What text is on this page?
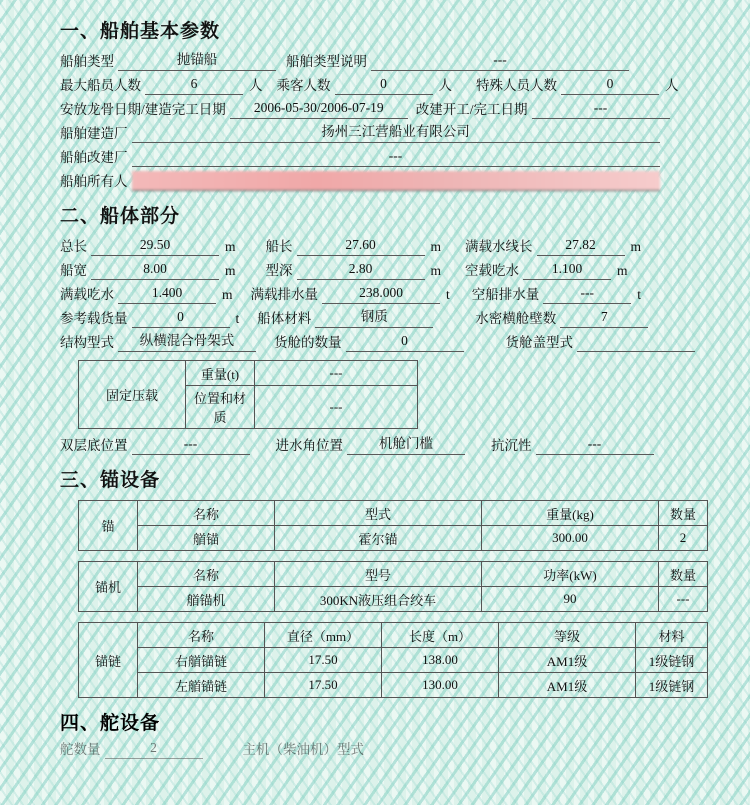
一、船舶基本参数
船舶类型	抛锚船	船舶类型说明	---
最大船员人数	6	人	乘客人数	0	人	特殊人员人数	0	人
安放龙骨日期/建造完工日期	2006-05-30/2006-07-19	改建开工/完工日期	---
船舶建造厂	扬州三江营船业有限公司
船舶改建厂	---
船舶所有人
二、船体部分
总长	29.50	m	船长	27.60	m	满载水线长	27.82	m
船宽	8.00	m	型深	2.80	m	空载吃水	1.100	m
满载吃水	1.400	m	满载排水量	238.000	t	空船排水量	---	t
参考载货量	0	t	船体材料	钢质	水密横舱壁数	7
结构型式	纵横混合骨架式	货舱的数量	0	货舱盖型式
固定压载	重量(t)	---
	位置和材质	---
双层底位置	---	进水角位置	机舱门槛	抗沉性	---
三、锚设备
锚	名称	型式	重量(kg)	数量
	艏锚	霍尔锚	300.00	2
锚机	名称	型号	功率(kW)	数量
	艏锚机	300KN液压组合绞车	90	---
锚链	名称	直径（mm）	长度（m）	等级	材料
	右艏锚链	17.50	138.00	AM1级	1级链钢
	左艏锚链	17.50	130.00	AM1级	1级链钢
四、舵设备
舵数量	2	主机（柴油机）型式
